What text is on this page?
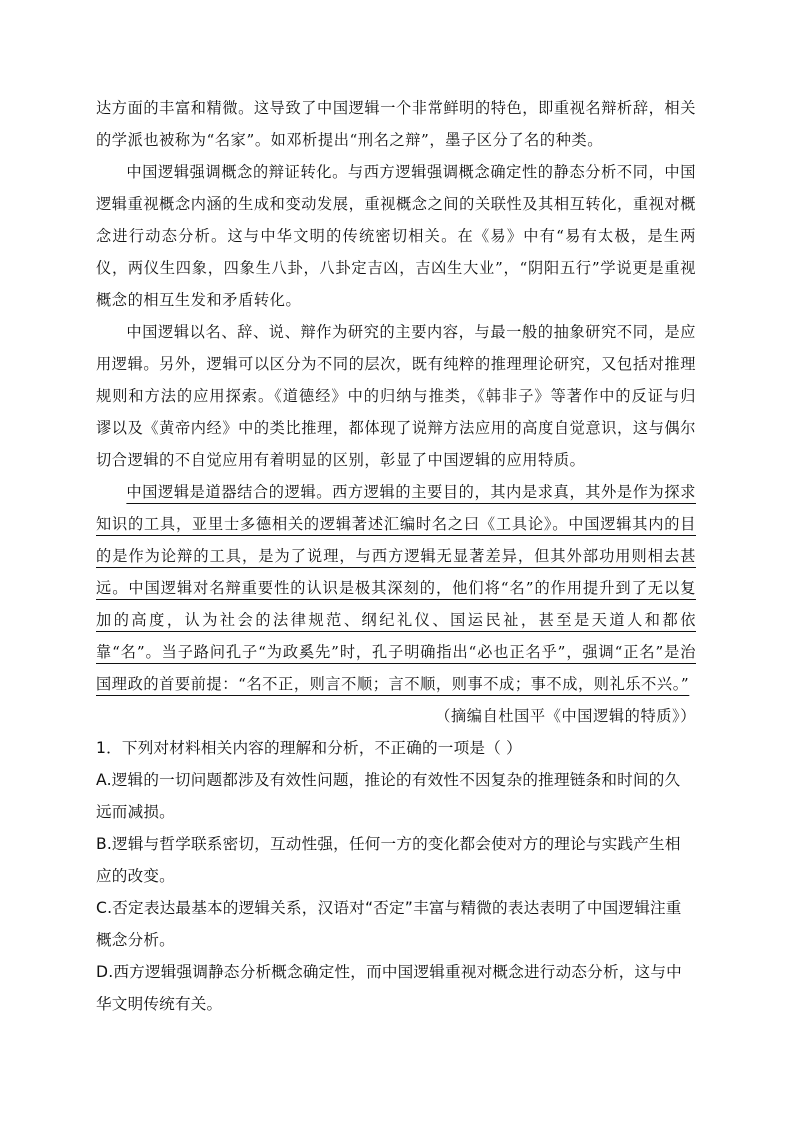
达方面的丰富和精微。这导致了中国逻辑一个非常鲜明的特色，即重视名辩析辞，相关的学派也被称为“名家”。如邓析提出“刑名之辩”，墨子区分了名的种类。

中国逻辑强调概念的辩证转化。与西方逻辑强调概念确定性的静态分析不同，中国逻辑重视概念内涵的生成和变动发展，重视概念之间的关联性及其相互转化，重视对概念进行动态分析。这与中华文明的传统密切相关。在《易》中有“易有太极，是生两仪，两仪生四象，四象生八卦，八卦定吉凶，吉凶生大业”，“阴阳五行”学说更是重视概念的相互生发和矛盾转化。

中国逻辑以名、辞、说、辩作为研究的主要内容，与最一般的抽象研究不同，是应用逻辑。另外，逻辑可以区分为不同的层次，既有纯粹的推理理论研究，又包括对推理规则和方法的应用探索。《道德经》中的归纳与推类，《韩非子》等著作中的反证与归谬以及《黄帝内经》中的类比推理，都体现了说辩方法应用的高度自觉意识，这与偶尔切合逻辑的不自觉应用有着明显的区别，彰显了中国逻辑的应用特质。

中国逻辑是道器结合的逻辑。西方逻辑的主要目的，其内是求真，其外是作为探求知识的工具，亚里士多德相关的逻辑著述汇编时名之曰《工具论》。中国逻辑其内的目的是作为论辩的工具，是为了说理，与西方逻辑无显著差异，但其外部功用则相去甚远。中国逻辑对名辩重要性的认识是极其深刻的，他们将“名”的作用提升到了无以复加的高度，认为社会的法律规范、纲纪礼仪、国运民祉，甚至是天道人和都依靠“名”。当子路问孔子“为政奚先”时，孔子明确指出“必也正名乎”，强调“正名”是治国理政的首要前提：“名不正，则言不顺；言不顺，则事不成；事不成，则礼乐不兴。”

（摘编自杜国平《中国逻辑的特质》）

1．下列对材料相关内容的理解和分析，不正确的一项是（ ）

A.逻辑的一切问题都涉及有效性问题，推论的有效性不因复杂的推理链条和时间的久远而减损。

B.逻辑与哲学联系密切，互动性强，任何一方的变化都会使对方的理论与实践产生相应的改变。

C.否定表达最基本的逻辑关系，汉语对“否定”丰富与精微的表达表明了中国逻辑注重概念分析。

D.西方逻辑强调静态分析概念确定性，而中国逻辑重视对概念进行动态分析，这与中华文明传统有关。
